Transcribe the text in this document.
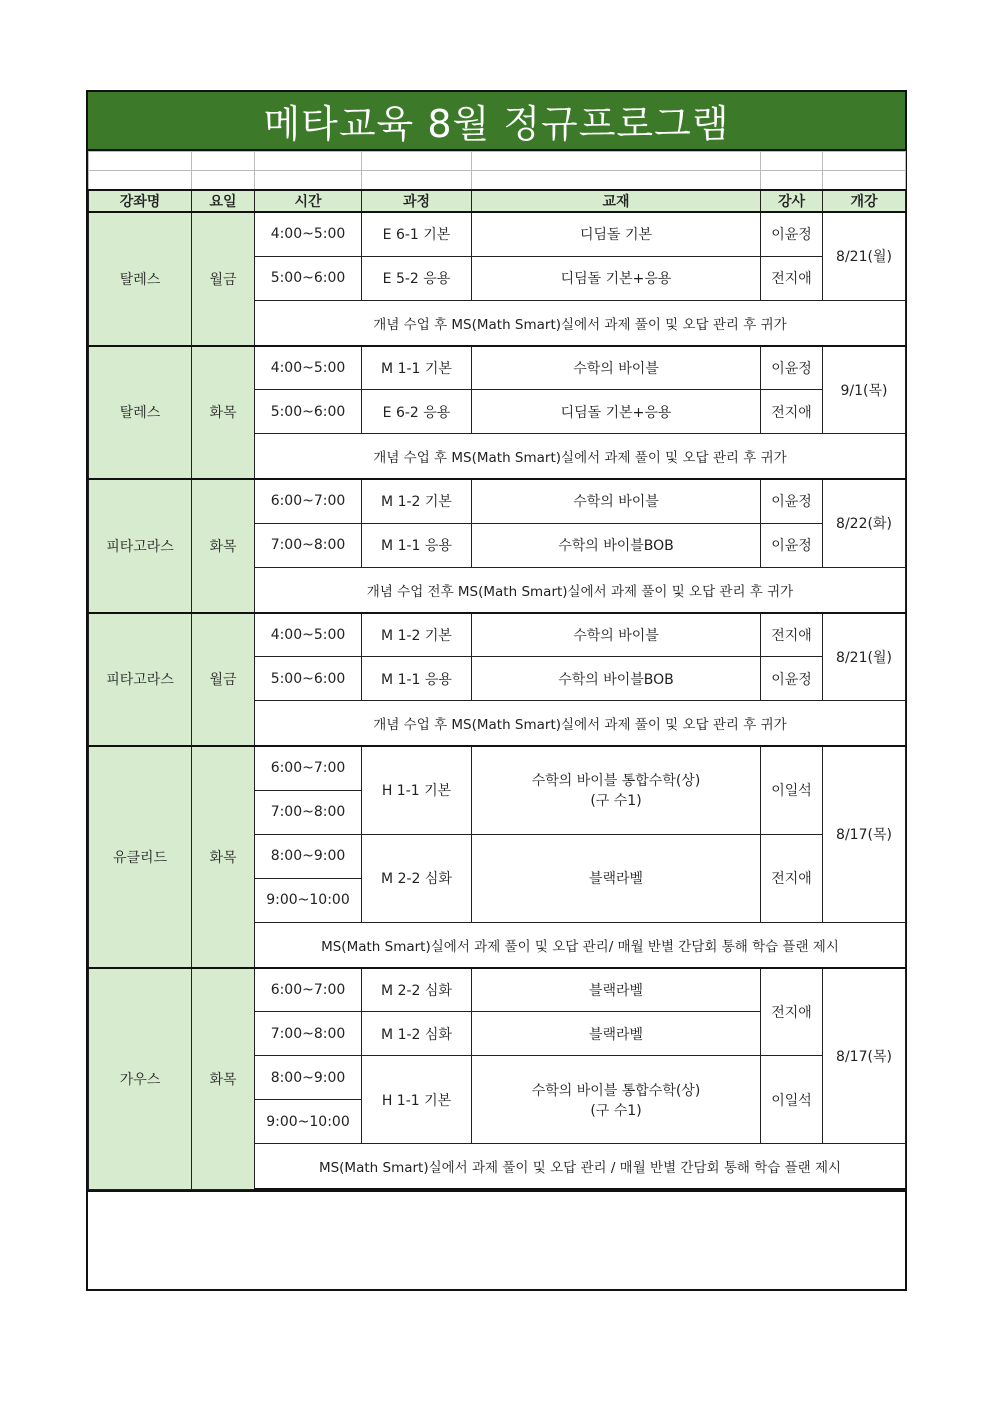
메타교육 8월 정규프로그램

강좌명	요일	시간	과정	교재	강사	개강
탈레스	월금	4:00~5:00	E 6-1 기본	디딤돌 기본	이윤정	8/21(월)
		5:00~6:00	E 5-2 응용	디딤돌 기본+응용	전지애	
		개념 수업 후 MS(Math Smart)실에서 과제 풀이 및 오답 관리 후 귀가				
탈레스	화목	4:00~5:00	M 1-1 기본	수학의 바이블	이윤정	9/1(목)
		5:00~6:00	E 6-2 응용	디딤돌 기본+응용	전지애	
		개념 수업 후 MS(Math Smart)실에서 과제 풀이 및 오답 관리 후 귀가				
피타고라스	화목	6:00~7:00	M 1-2 기본	수학의 바이블	이윤정	8/22(화)
		7:00~8:00	M 1-1 응용	수학의 바이블BOB	이윤정	
		개념 수업 전후 MS(Math Smart)실에서 과제 풀이 및 오답 관리 후 귀가				
피타고라스	월금	4:00~5:00	M 1-2 기본	수학의 바이블	전지애	8/21(월)
		5:00~6:00	M 1-1 응용	수학의 바이블BOB	이윤정	
		개념 수업 후 MS(Math Smart)실에서 과제 풀이 및 오답 관리 후 귀가				
유클리드	화목	6:00~7:00	H 1-1 기본	수학의 바이블 통합수학(상)
(구 수1)	이일석	8/17(목)
		7:00~8:00				
		8:00~9:00	M 2-2 심화	블랙라벨	전지애	
		9:00~10:00				
		MS(Math Smart)실에서 과제 풀이 및 오답 관리/ 매월 반별 간담회 통해 학습 플랜 제시				
가우스	화목	6:00~7:00	M 2-2 심화	블랙라벨	전지애	8/17(목)
		7:00~8:00	M 1-2 심화	블랙라벨		
		8:00~9:00	H 1-1 기본	수학의 바이블 통합수학(상)
(구 수1)	이일석	
		9:00~10:00				
		MS(Math Smart)실에서 과제 풀이 및 오답 관리 / 매월 반별 간담회 통해 학습 플랜 제시				
